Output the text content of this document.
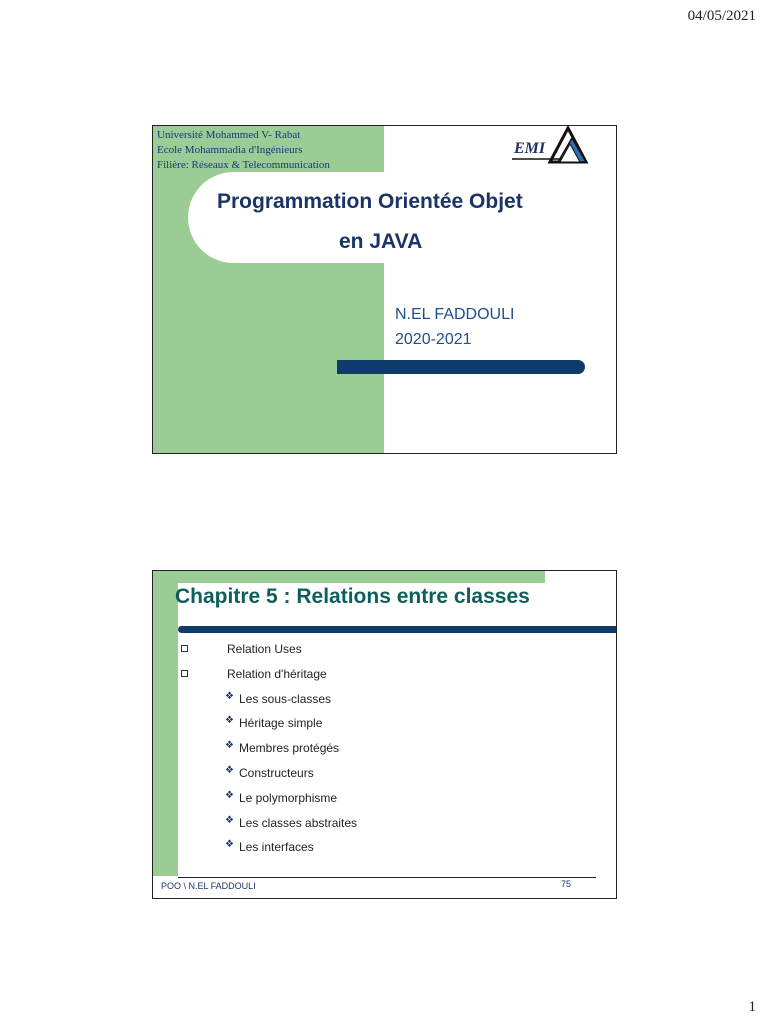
04/05/2021
Université Mohammed V- Rabat
Ecole Mohammadia d'Ingénieurs
Filière: Réseaux & Telecommunication
EMI
Programmation Orientée Objet
en JAVA
N.EL FADDOULI
2020-2021
Chapitre 5 : Relations entre classes
Relation Uses
Relation d'héritage
❖ Les sous-classes
❖ Héritage simple
❖ Membres protégés
❖ Constructeurs
❖ Le polymorphisme
❖ Les classes abstraites
❖ Les interfaces
POO \ N.EL FADDOULI	75
1
